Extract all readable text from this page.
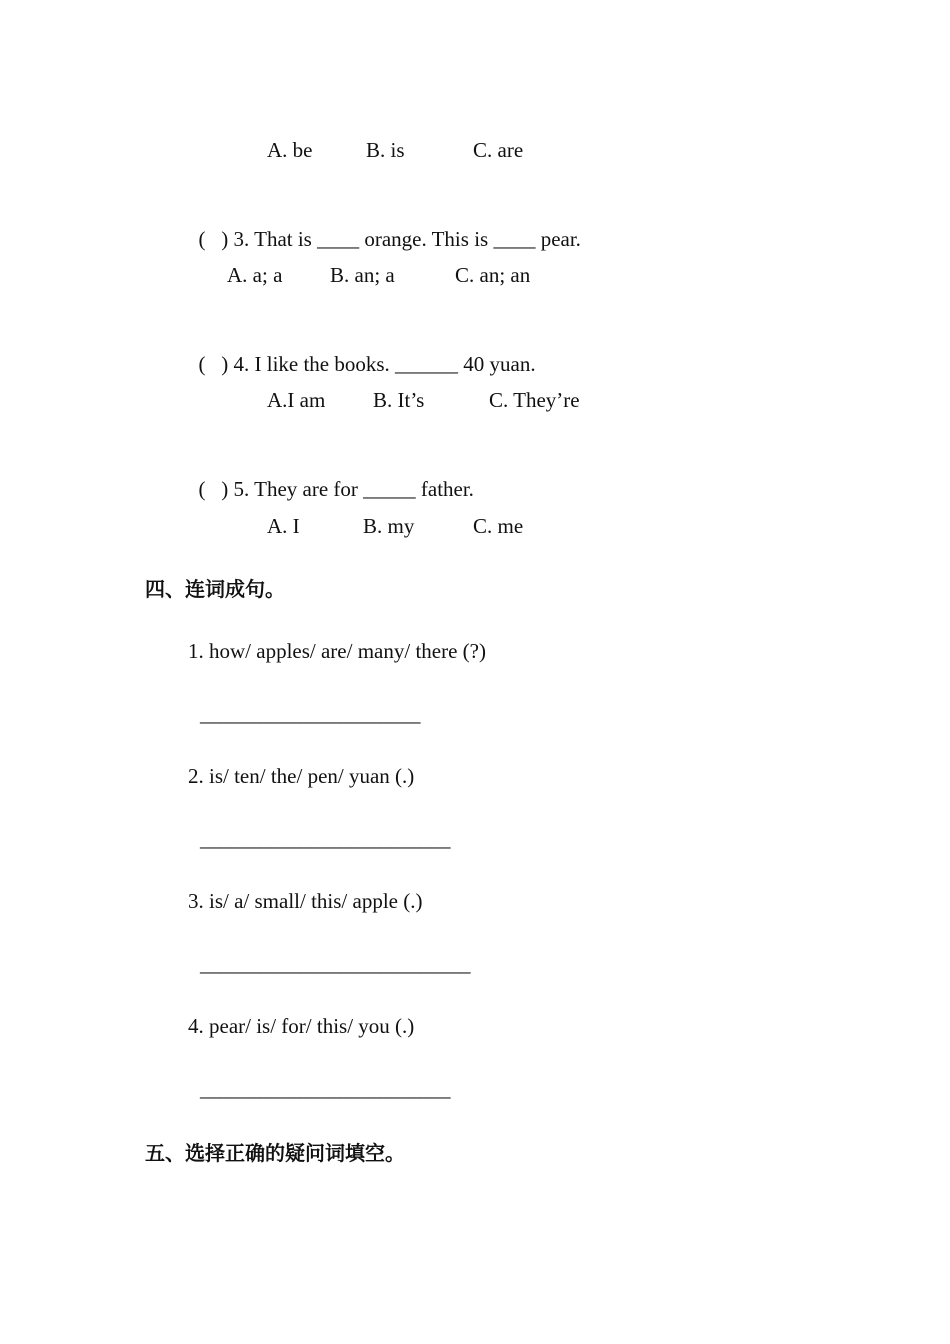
A. be	B. is	C. are

( ) 3. That is ____ orange. This is ____ pear.

A. a; a B. an; a	C. an; an

( ) 4. I like the books. ______ 40 yuan.

A.I am B. It’s	C. They’re

( ) 5. They are for _____ father.

A. I	B. my	C. me
四、连词成句。
1. how/ apples/ are/ many/ there (?)
______________________
2. is/ ten/ the/ pen/ yuan (.)
_________________________
3. is/ a/ small/ this/ apple (.)
___________________________
4. pear/ is/ for/ this/ you (.)
_________________________
五、选择正确的疑问词填空。
